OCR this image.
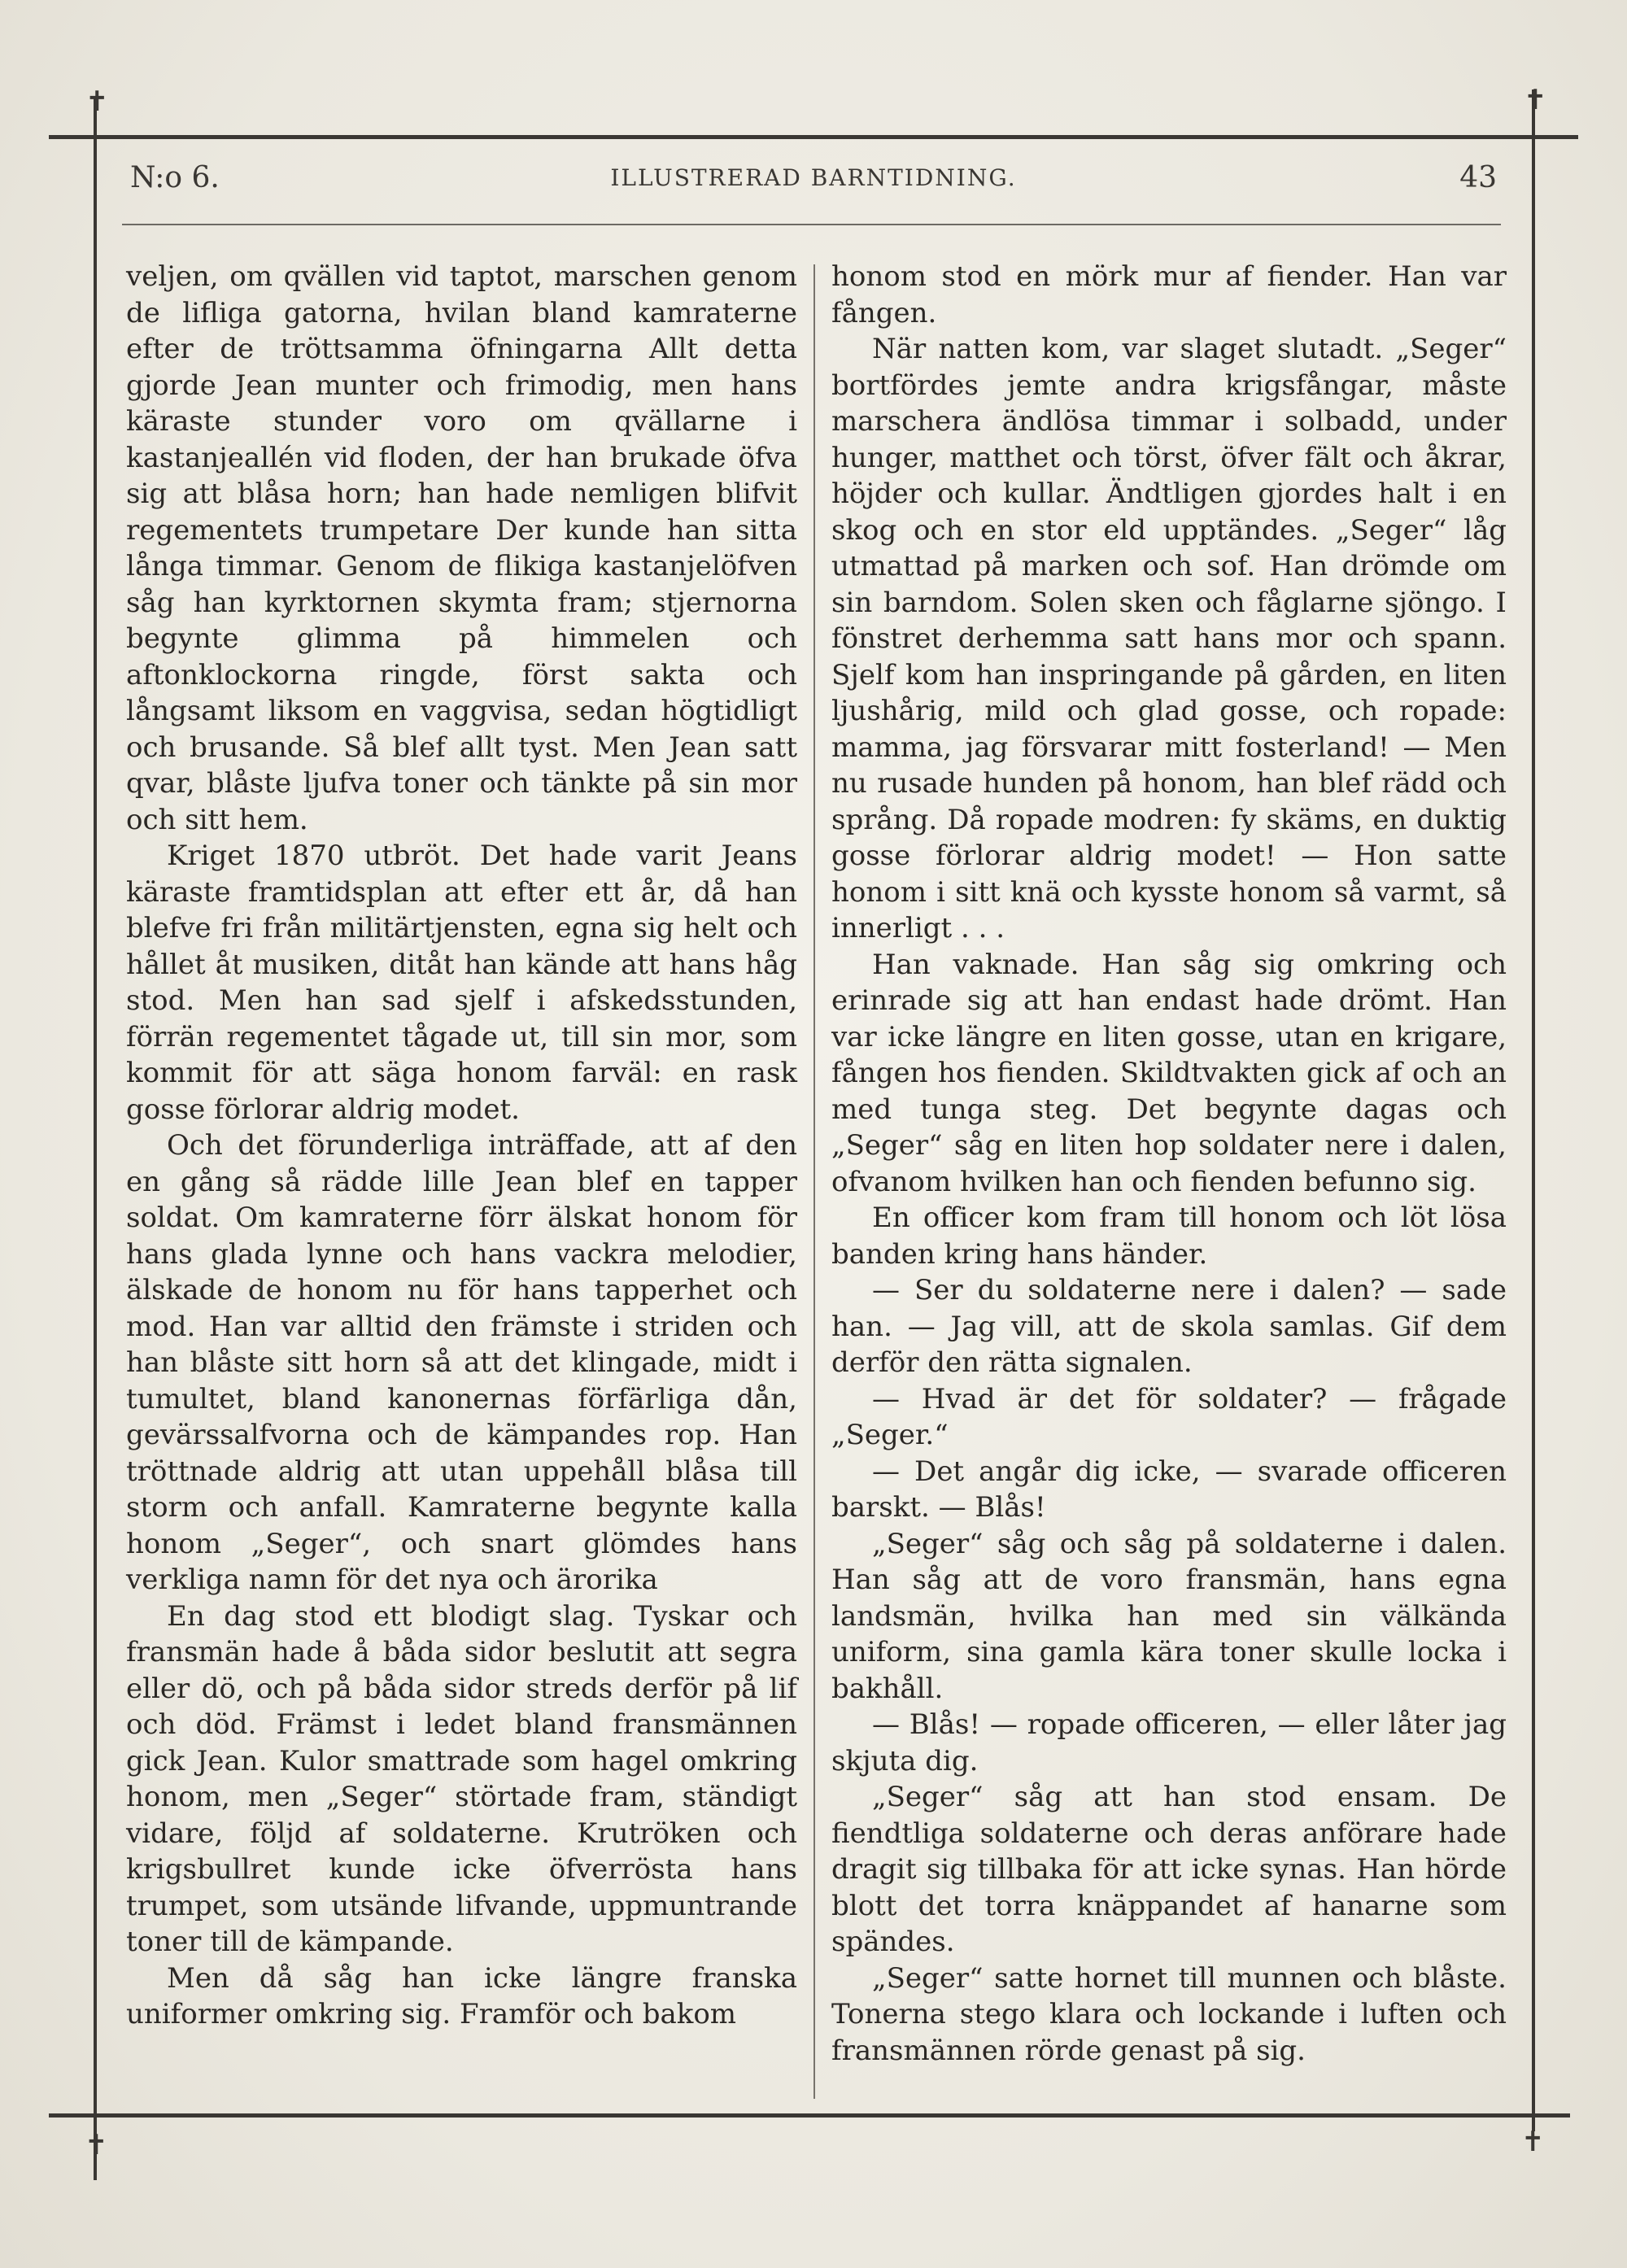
✝	✝
✝	✝
N:o 6.	ILLUSTRERAD BARNTIDNING.	43

veljen, om qvällen vid taptot, marschen genom de lifliga gatorna, hvilan bland kamraterne efter de tröttsamma öfningarna Allt detta gjorde Jean munter och frimodig, men hans käraste stunder voro om qvällarne i kastanjeallén vid floden, der han brukade öfva sig att blåsa horn; han hade nemligen blifvit regementets trumpetare Der kunde han sitta långa timmar. Genom de flikiga kastanjelöfven såg han kyrktornen skymta fram; stjernorna begynte glimma på himmelen och aftonklockorna ringde, först sakta och långsamt liksom en vaggvisa, sedan högtidligt och brusande. Så blef allt tyst. Men Jean satt qvar, blåste ljufva toner och tänkte på sin mor och sitt hem.

Kriget 1870 utbröt. Det hade varit Jeans käraste framtidsplan att efter ett år, då han blefve fri från militärtjensten, egna sig helt och hållet åt musiken, ditåt han kände att hans håg stod. Men han sad sjelf i afskedsstunden, förrän regementet tågade ut, till sin mor, som kommit för att säga honom farväl: en rask gosse förlorar aldrig modet.

Och det förunderliga inträffade, att af den en gång så rädde lille Jean blef en tapper soldat. Om kamraterne förr älskat honom för hans glada lynne och hans vackra melodier, älskade de honom nu för hans tapperhet och mod. Han var alltid den främste i striden och han blåste sitt horn så att det klingade, midt i tumultet, bland kanonernas förfärliga dån, gevärssalfvorna och de kämpandes rop. Han tröttnade aldrig att utan uppehåll blåsa till storm och anfall. Kamraterne begynte kalla honom „Seger“, och snart glömdes hans verkliga namn för det nya och ärorika

En dag stod ett blodigt slag. Tyskar och fransmän hade å båda sidor beslutit att segra eller dö, och på båda sidor streds derför på lif och död. Främst i ledet bland fransmännen gick Jean. Kulor smattrade som hagel omkring honom, men „Seger“ störtade fram, ständigt vidare, följd af soldaterne. Krutröken och krigsbullret kunde icke öfverrösta hans trumpet, som utsände lifvande, uppmuntrande toner till de kämpande.

Men då såg han icke längre franska uniformer omkring sig. Framför och bakom

honom stod en mörk mur af fiender. Han var fången.

När natten kom, var slaget slutadt. „Seger“ bortfördes jemte andra krigsfångar, måste marschera ändlösa timmar i solbadd, under hunger, matthet och törst, öfver fält och åkrar, höjder och kullar. Ändtligen gjordes halt i en skog och en stor eld upptändes. „Seger“ låg utmattad på marken och sof. Han drömde om sin barndom. Solen sken och fåglarne sjöngo. I fönstret derhemma satt hans mor och spann. Sjelf kom han inspringande på gården, en liten ljushårig, mild och glad gosse, och ropade: mamma, jag försvarar mitt fosterland! — Men nu rusade hunden på honom, han blef rädd och språng. Då ropade modren: fy skäms, en duktig gosse förlorar aldrig modet! — Hon satte honom i sitt knä och kysste honom så varmt, så innerligt . . .

Han vaknade. Han såg sig omkring och erinrade sig att han endast hade drömt. Han var icke längre en liten gosse, utan en krigare, fången hos fienden. Skildtvakten gick af och an med tunga steg. Det begynte dagas och „Seger“ såg en liten hop soldater nere i dalen, ofvanom hvilken han och fienden befunno sig.

En officer kom fram till honom och löt lösa banden kring hans händer.

— Ser du soldaterne nere i dalen? — sade han. — Jag vill, att de skola samlas. Gif dem derför den rätta signalen.

— Hvad är det för soldater? — frågade „Seger.“

— Det angår dig icke, — svarade officeren barskt. — Blås!

„Seger“ såg och såg på soldaterne i dalen. Han såg att de voro fransmän, hans egna landsmän, hvilka han med sin välkända uniform, sina gamla kära toner skulle locka i bakhåll.

— Blås! — ropade officeren, — eller låter jag skjuta dig.

„Seger“ såg att han stod ensam. De fiendtliga soldaterne och deras anförare hade dragit sig tillbaka för att icke synas. Han hörde blott det torra knäppandet af hanarne som spändes.

„Seger“ satte hornet till munnen och blåste. Tonerna stego klara och lockande i luften och fransmännen rörde genast på sig.
